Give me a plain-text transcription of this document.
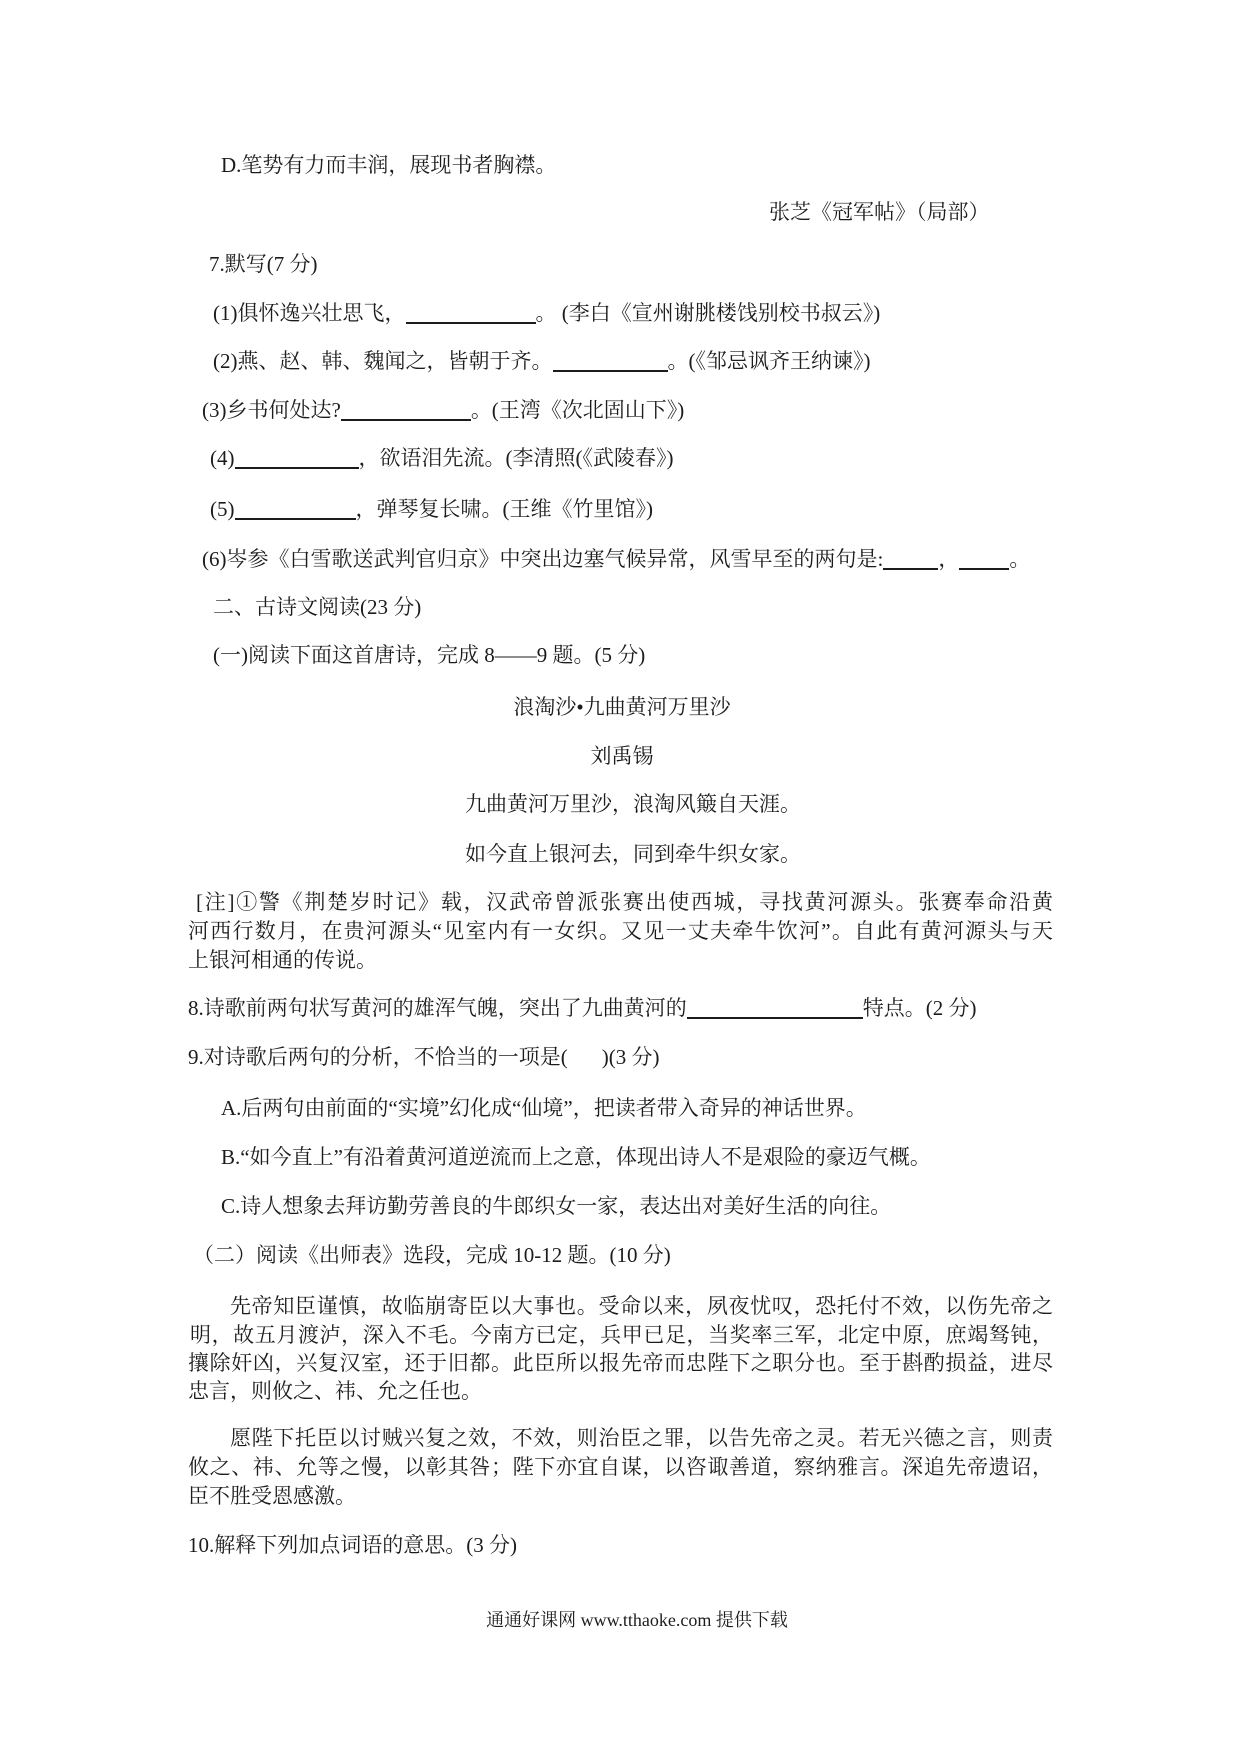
D.笔势有力而丰润，展现书者胸襟。
张芝《冠军帖》（局部）
7.默写(7 分)
(1)俱怀逸兴壮思飞，	。 (李白《宣州谢朓楼饯别校书叔云》)
(2)燕、赵、韩、魏闻之，皆朝于齐。	。(《邹忌讽齐王纳谏》)
(3)乡书何处达?	。(王湾《次北固山下》)
(4)	，欲语泪先流。(李清照(《武陵春》)
(5)	，弹琴复长啸。(王维《竹里馆》)
(6)岑参《白雪歌送武判官归京》中突出边塞气候异常，风雪早至的两句是:	， 。
二、古诗文阅读(23 分)
(一)阅读下面这首唐诗，完成 8——9 题。(5 分)
浪淘沙•九曲黄河万里沙
刘禹锡
九曲黄河万里沙，浪淘风簸自天涯。
如今直上银河去，同到牵牛织女家。
[注]①警《荆楚岁时记》载，汉武帝曾派张赛出使西城，寻找黄河源头。张赛奉命沿黄
河西行数月，在贵河源头“见室内有一女织。又见一丈夫牵牛饮河”。自此有黄河源头与天
上银河相通的传说。
8.诗歌前两句状写黄河的雄浑气魄，突出了九曲黄河的	特点。(2 分)
9.对诗歌后两句的分析，不恰当的一项是( )(3 分)
A.后两句由前面的“实境”幻化成“仙境”，把读者带入奇异的神话世界。
B.“如今直上”有沿着黄河道逆流而上之意，体现出诗人不是艰险的豪迈气概。
C.诗人想象去拜访勤劳善良的牛郎织女一家，表达出对美好生活的向往。
（二）阅读《出师表》选段，完成 10-12 题。(10 分)
先帝知臣谨慎，故临崩寄臣以大事也。受命以来，夙夜忧叹，恐托付不效，以伤先帝之
明，故五月渡泸，深入不毛。今南方已定，兵甲已足，当奖率三军，北定中原，庶竭驽钝，
攘除奸凶，兴复汉室，还于旧都。此臣所以报先帝而忠陛下之职分也。至于斟酌损益，进尽
忠言，则攸之、祎、允之任也。
愿陛下托臣以讨贼兴复之效，不效，则治臣之罪，以告先帝之灵。若无兴德之言，则责
攸之、祎、允等之慢，以彰其咎；陛下亦宜自谋，以咨诹善道，察纳雅言。深追先帝遗诏，
臣不胜受恩感激。
10.解释下列加点词语的意思。(3 分)
通通好课网 www.tthaoke.com 提供下载
